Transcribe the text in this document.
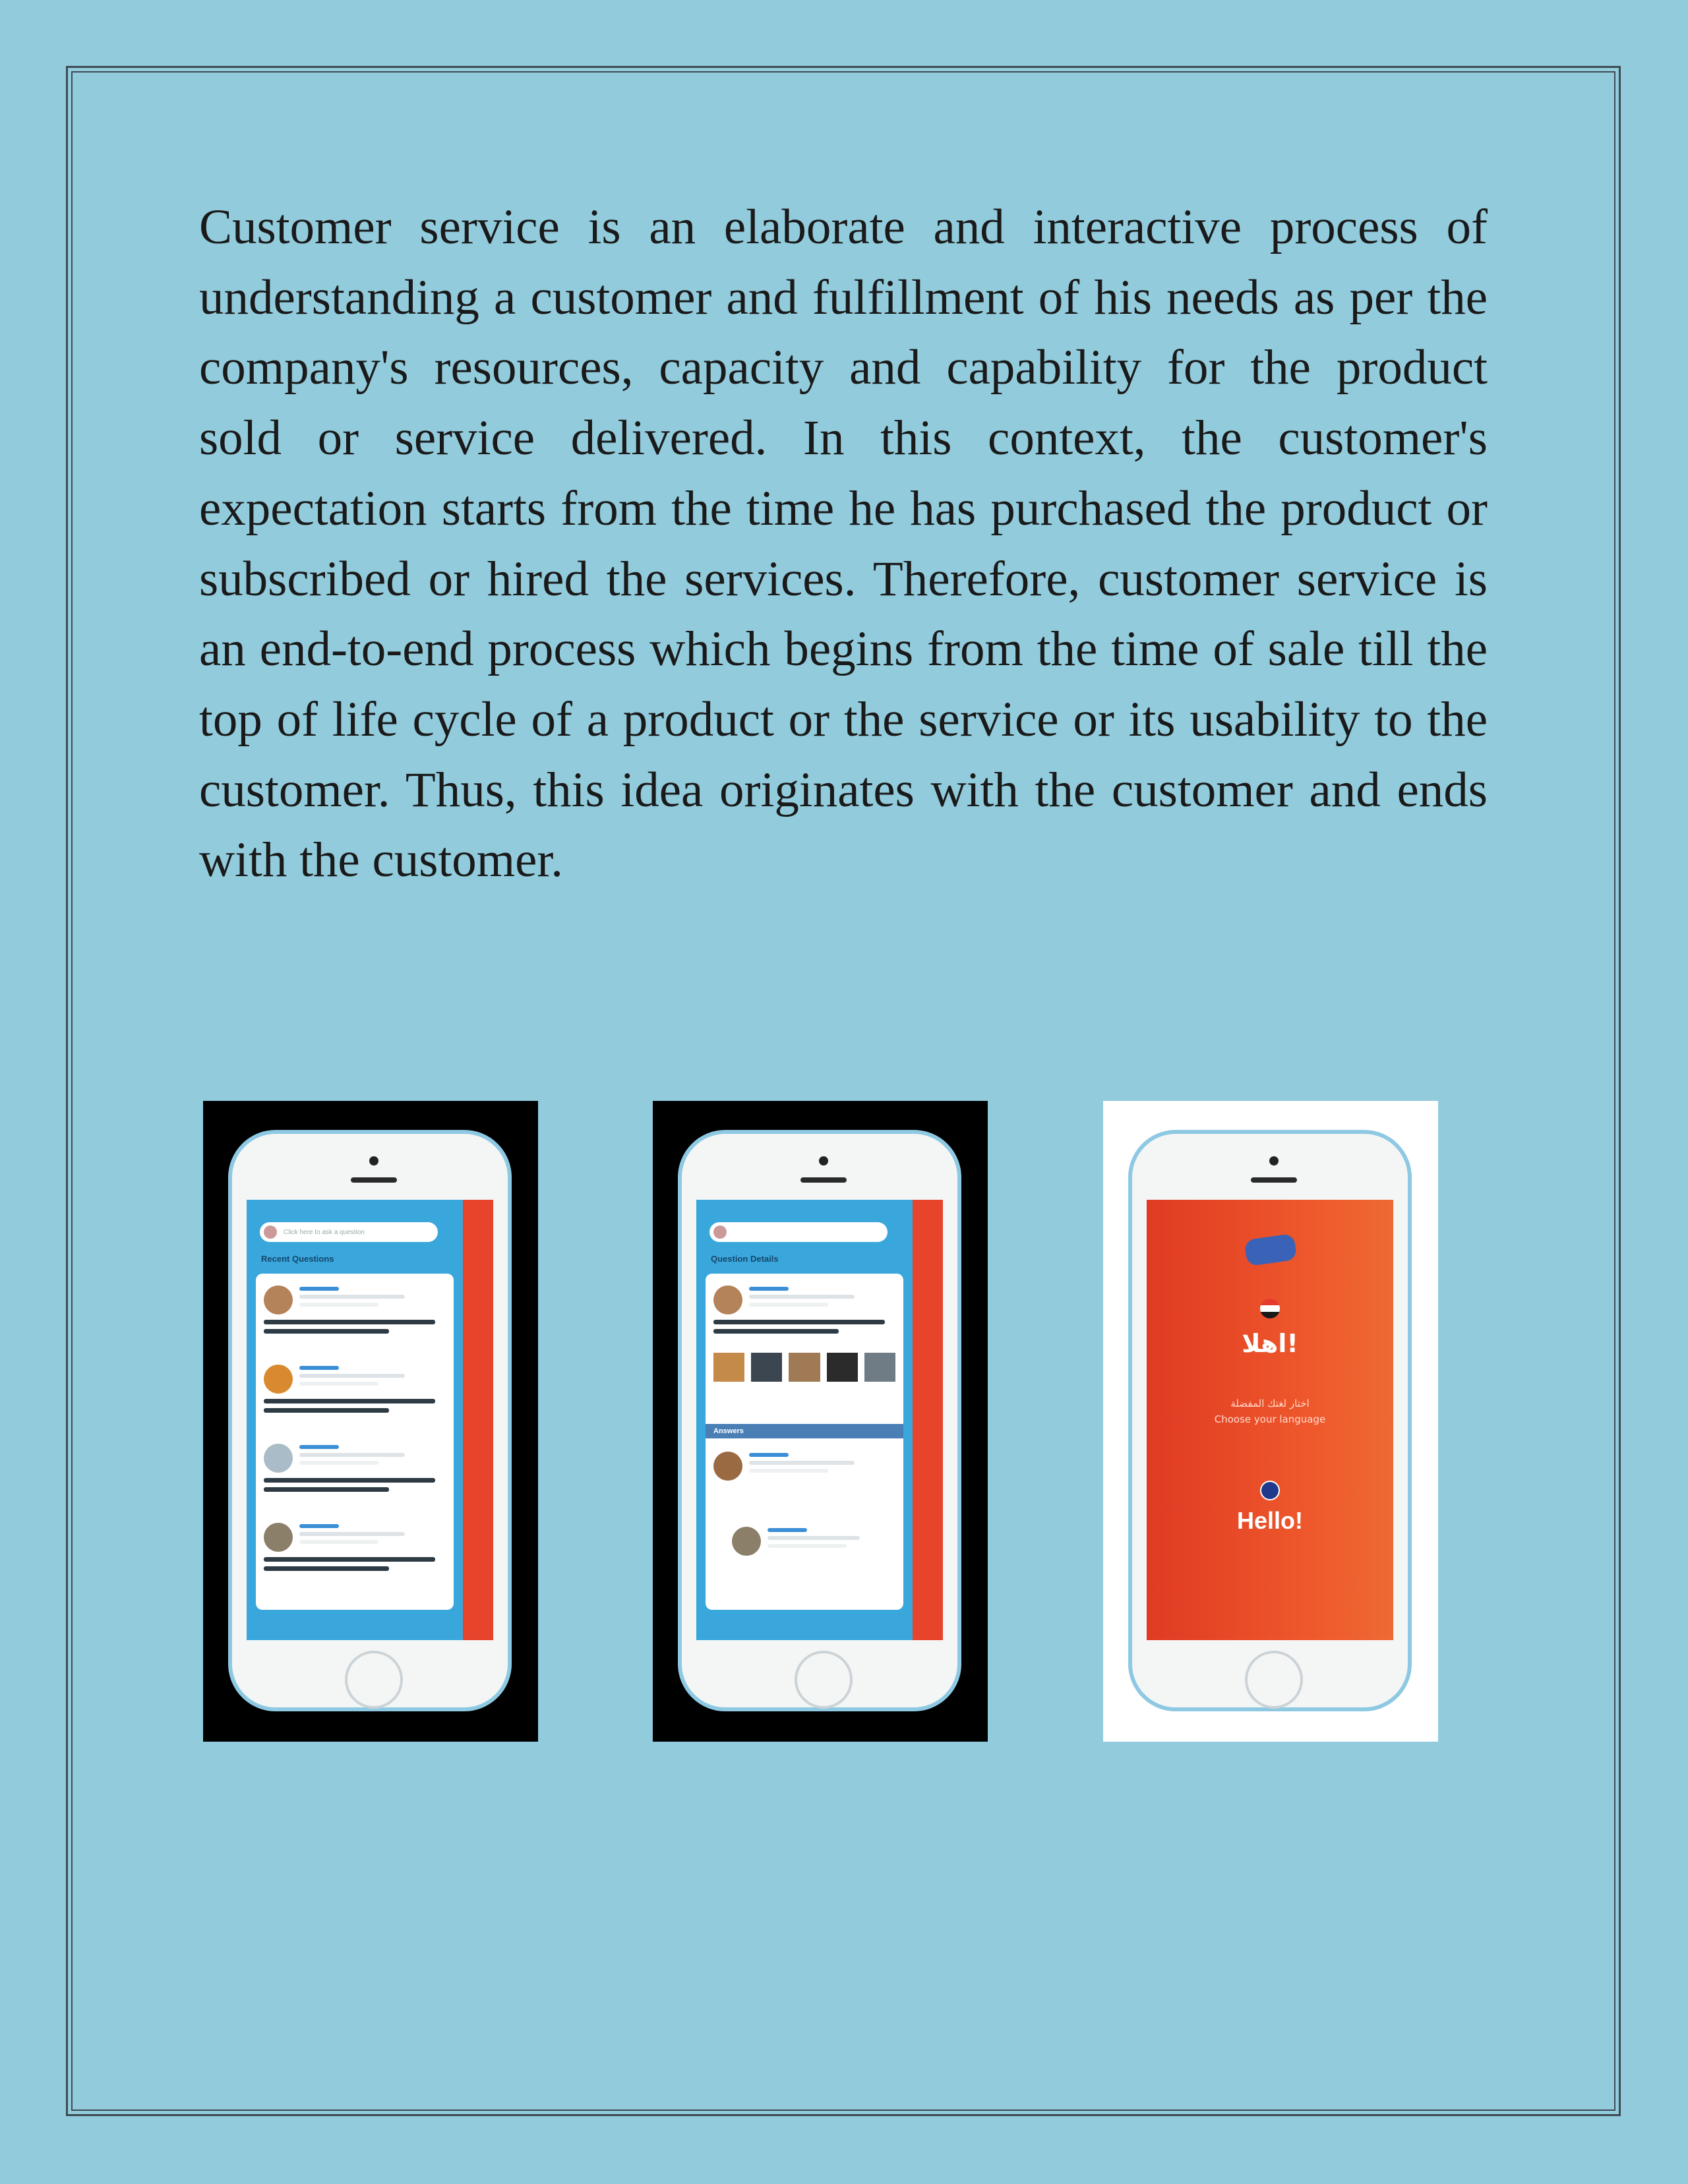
Customer service is an elaborate and interactive process of understanding a customer and fulfillment of his needs as per the company's resources, capacity and capability for the product sold or service delivered. In this context, the customer's expectation starts from the time he has purchased the product or subscribed or hired the services. Therefore, customer service is an end-to-end process which begins from the time of sale till the top of life cycle of a product or the service or its usability to the customer. Thus, this idea originates with the customer and ends with the customer.

Click here to ask a question
Recent Questions	Question Details
Answers
اهلا!
اختار لغتك المفضلة
Choose your language
Hello!
